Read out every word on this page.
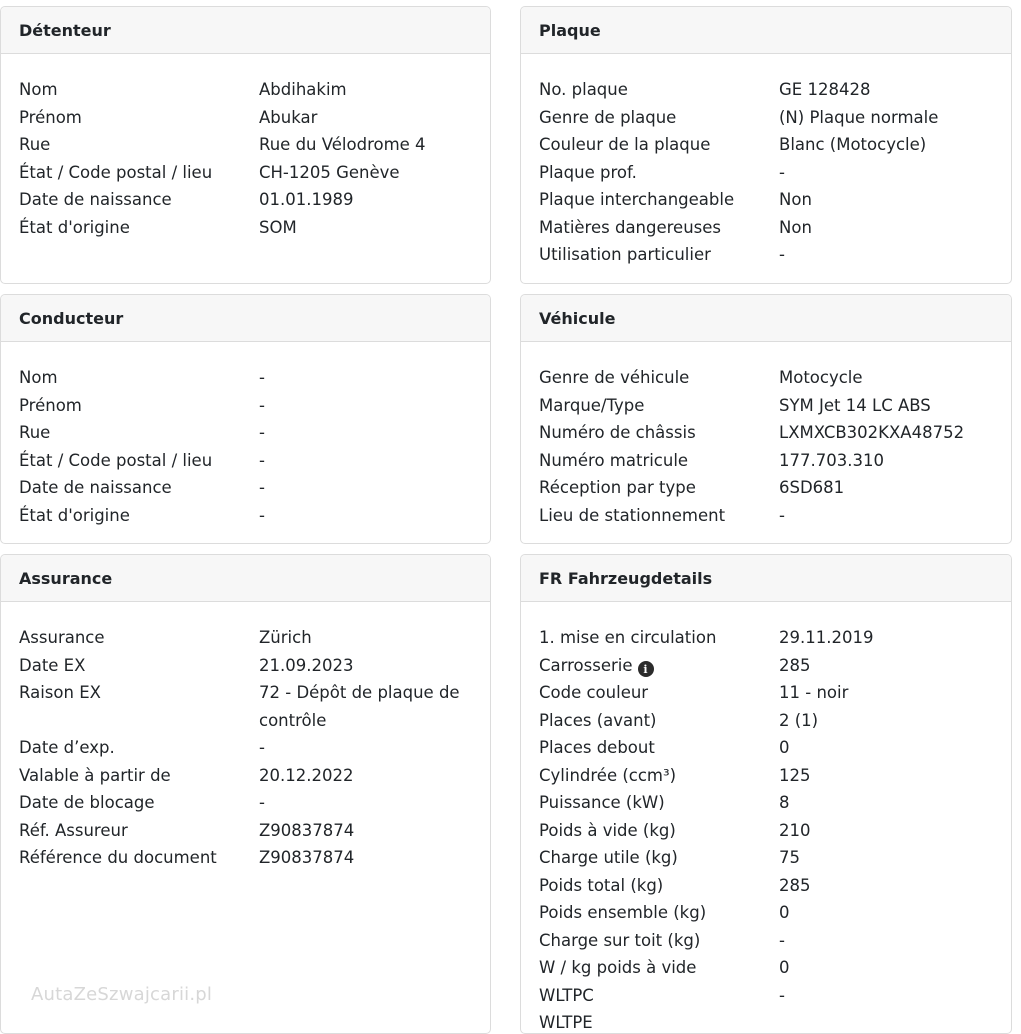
Détenteur
Nom	Abdihakim
Prénom	Abukar
Rue	Rue du Vélodrome 4
État / Code postal / lieu	CH-1205 Genève
Date de naissance	01.01.1989
État d'origine	SOM
Plaque
No. plaque	GE 128428
Genre de plaque	(N) Plaque normale
Couleur de la plaque	Blanc (Motocycle)
Plaque prof.	-
Plaque interchangeable	Non
Matières dangereuses	Non
Utilisation particulier	-
Conducteur
Nom	-
Prénom	-
Rue	-
État / Code postal / lieu	-
Date de naissance	-
État d'origine	-
Véhicule
Genre de véhicule	Motocycle
Marque/Type	SYM Jet 14 LC ABS
Numéro de châssis	LXMXCB302KXA48752
Numéro matricule	177.703.310
Réception par type	6SD681
Lieu de stationnement	-
Assurance
Assurance	Zürich
Date EX	21.09.2023
Raison EX	72 - Dépôt de plaque de contrôle
Date d’exp.	-
Valable à partir de	20.12.2022
Date de blocage	-
Réf. Assureur	Z90837874
Référence du document	Z90837874
FR Fahrzeugdetails
1. mise en circulation	29.11.2019
Carrosserie i	285
Code couleur	11 - noir
Places (avant)	2 (1)
Places debout	0
Cylindrée (ccm³)	125
Puissance (kW)	8
Poids à vide (kg)	210
Charge utile (kg)	75
Poids total (kg)	285
Poids ensemble (kg)	0
Charge sur toit (kg)	-
W / kg poids à vide	0
WLTPC	-
WLTPE
AutaZeSzwajcarii.pl
